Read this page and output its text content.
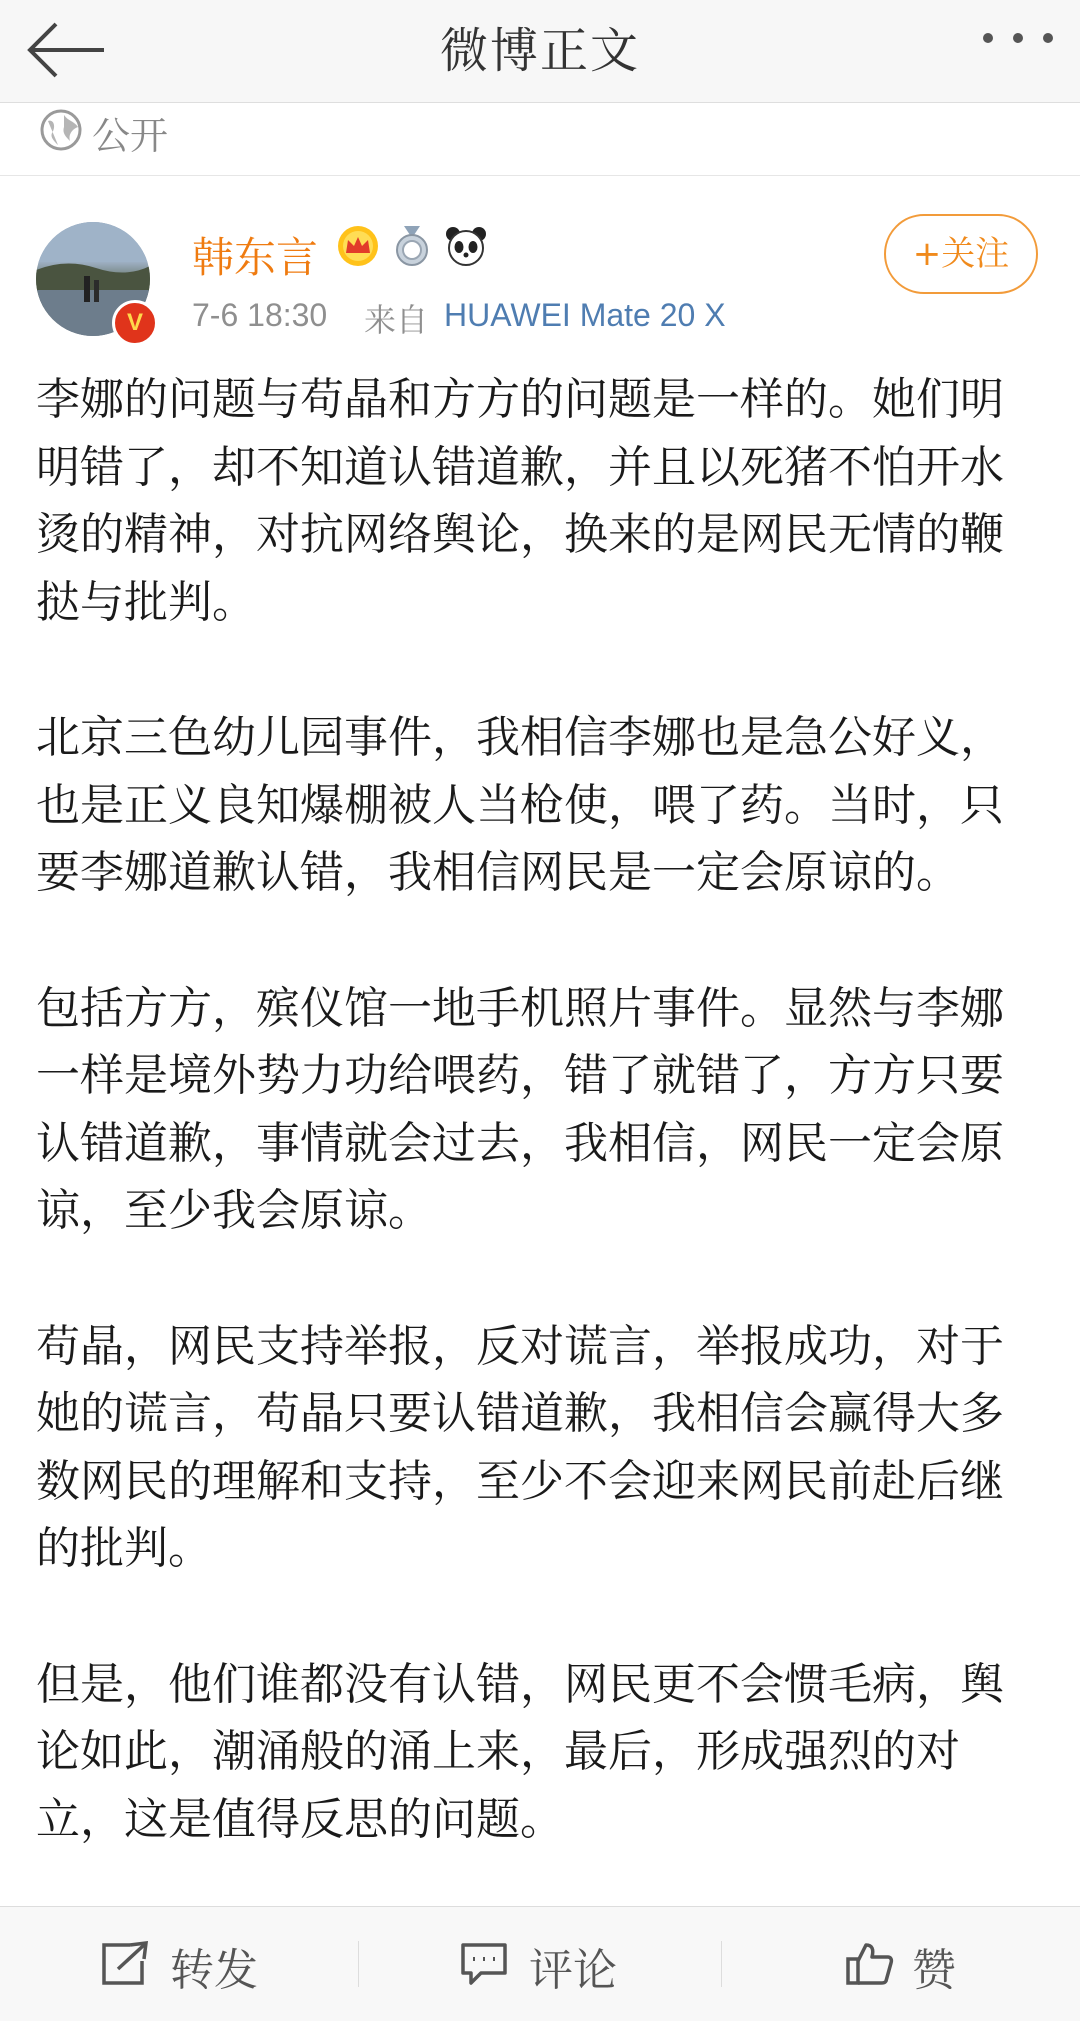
微博正文
公开
V
韩东言
7-6 18:30 来自 HUAWEI Mate 20 X
+关注

李娜的问题与苟晶和方方的问题是一样的。她们明明错了，却不知道认错道歉，并且以死猪不怕开水烫的精神，对抗网络舆论，换来的是网民无情的鞭挞与批判。

北京三色幼儿园事件，我相信李娜也是急公好义，也是正义良知爆棚被人当枪使，喂了药。当时，只要李娜道歉认错，我相信网民是一定会原谅的。

包括方方，殡仪馆一地手机照片事件。显然与李娜一样是境外势力功给喂药，错了就错了，方方只要认错道歉，事情就会过去，我相信，网民一定会原谅，至少我会原谅。

苟晶，网民支持举报，反对谎言，举报成功，对于她的谎言，苟晶只要认错道歉，我相信会赢得大多数网民的理解和支持，至少不会迎来网民前赴后继的批判。

但是，他们谁都没有认错，网民更不会惯毛病，舆论如此，潮涌般的涌上来，最后，形成强烈的对立，这是值得反思的问题。

转发	评论	赞
